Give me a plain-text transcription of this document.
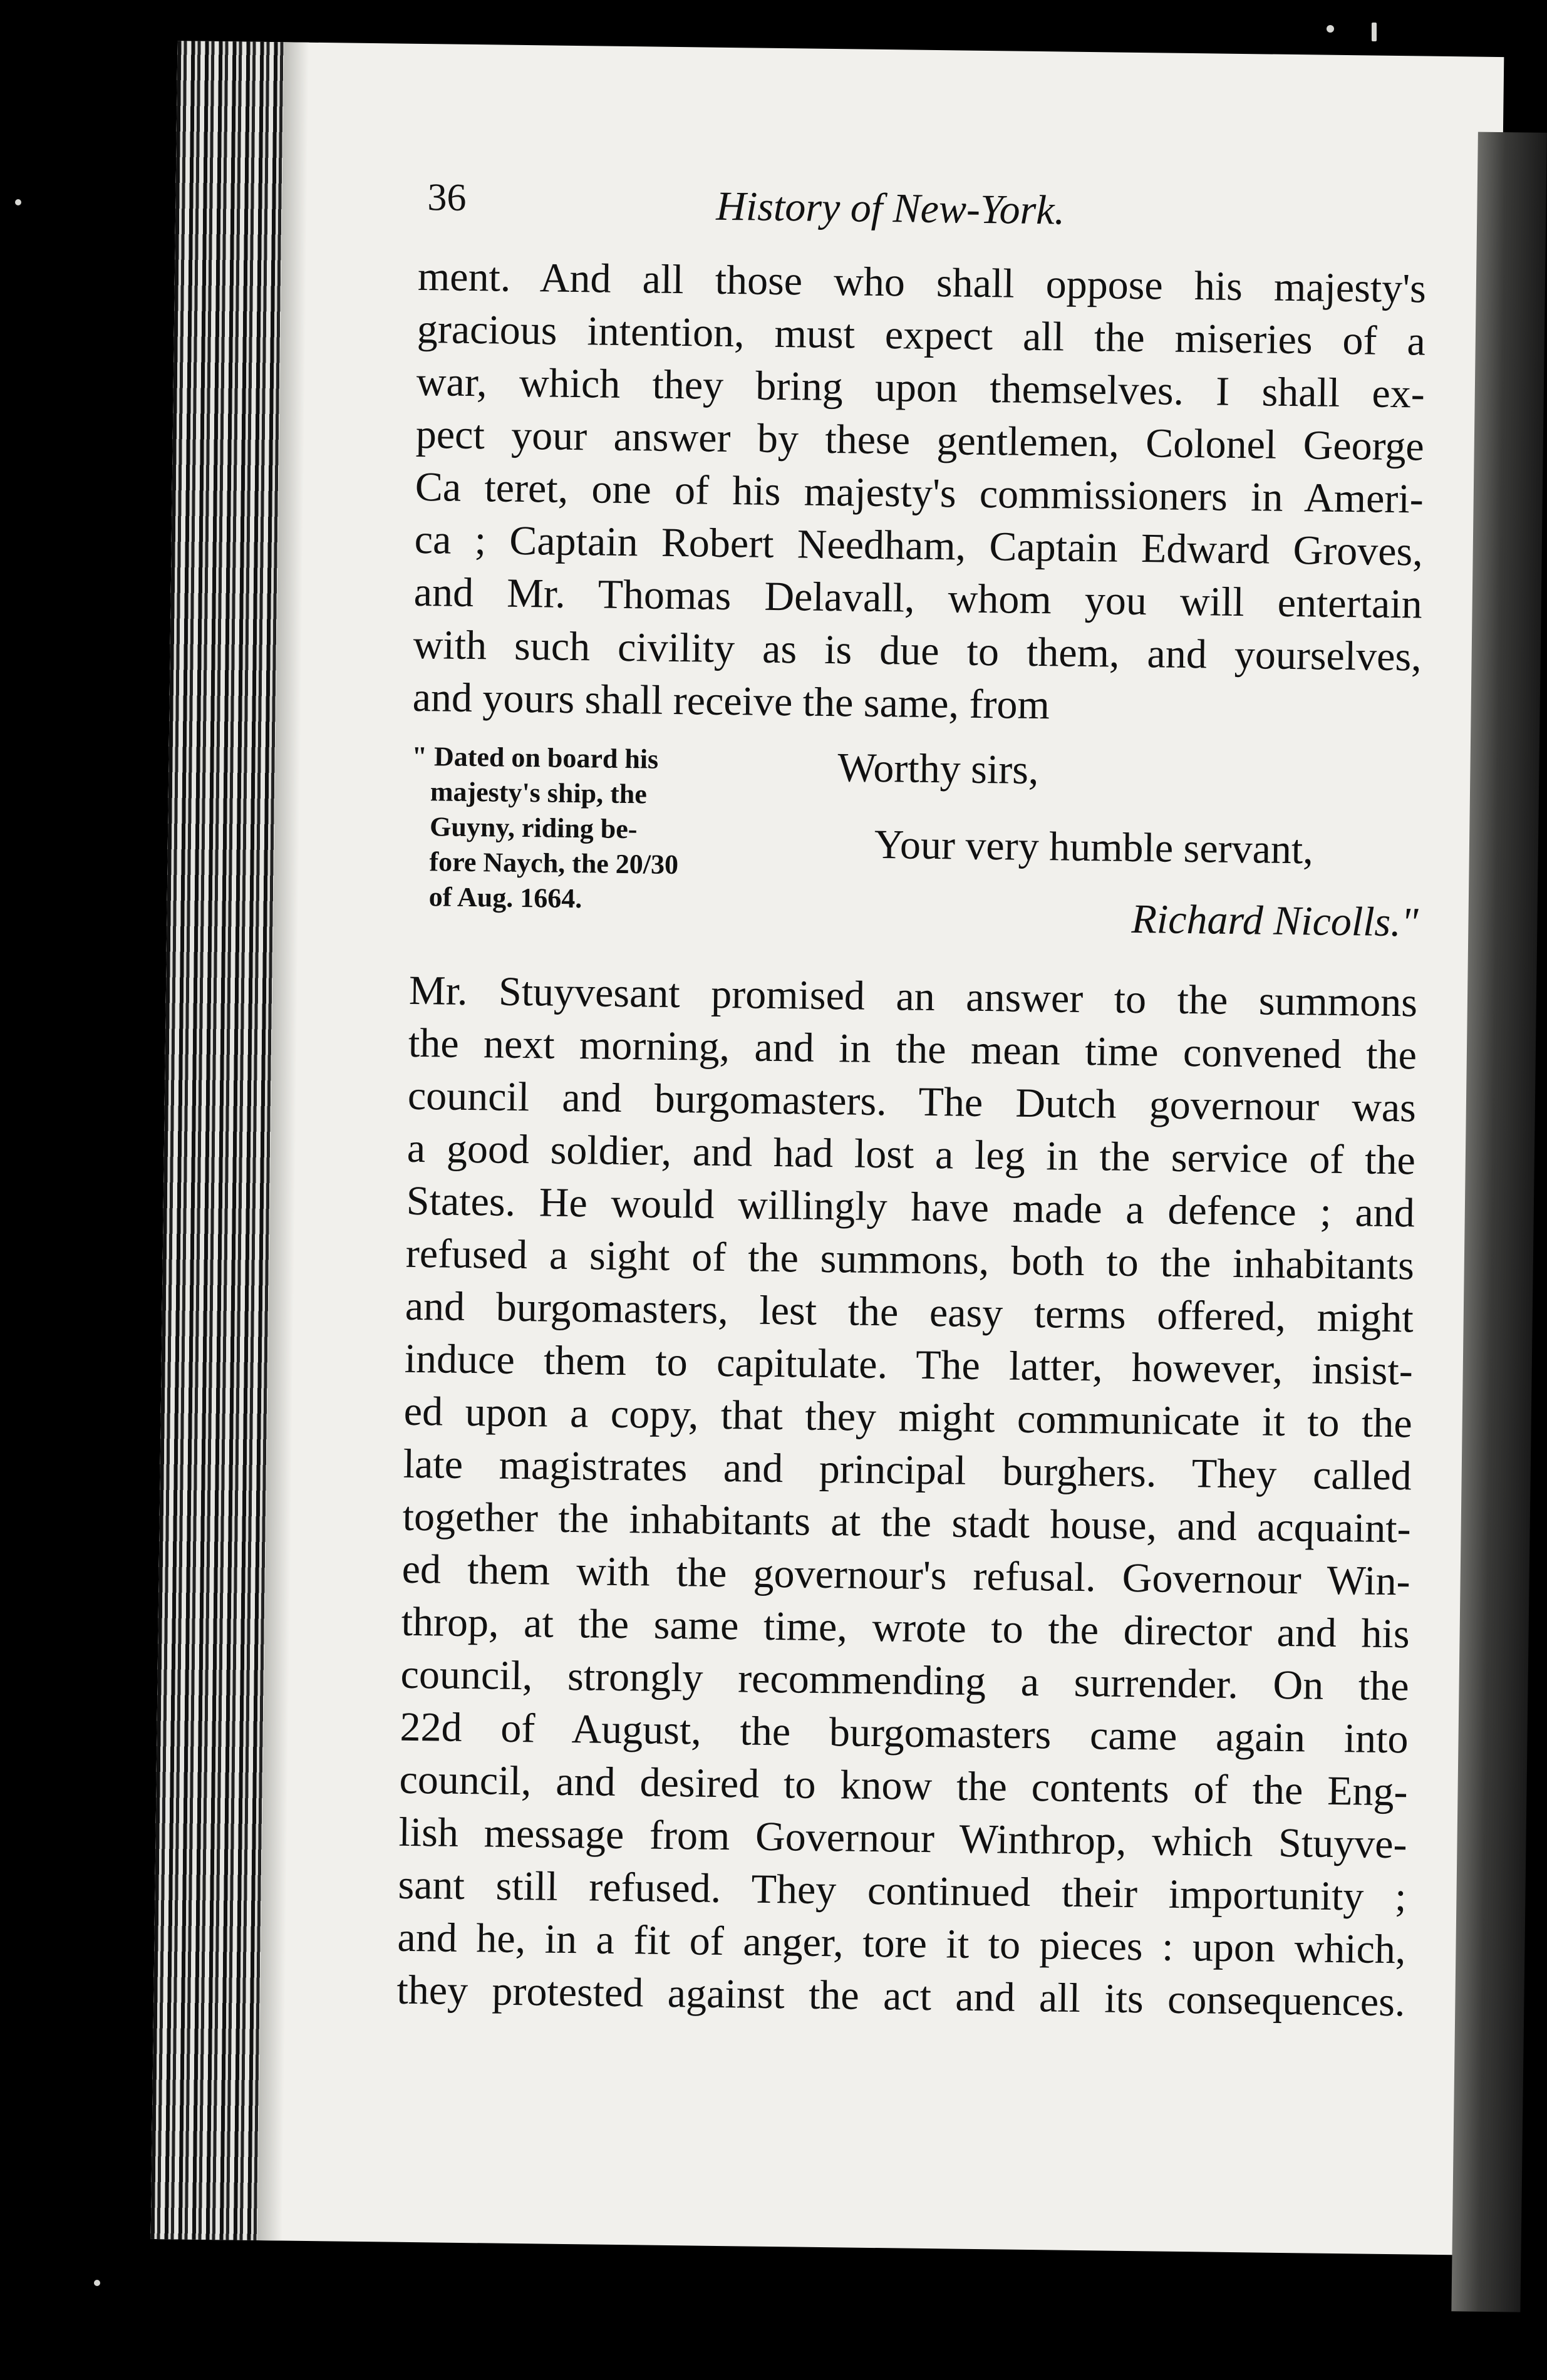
36	History of New-York.
ment. And all those who shall oppose his majesty's
gracious intention, must expect all the miseries of a
war, which they bring upon themselves. I shall ex-
pect your answer by these gentlemen, Colonel George
Ca teret, one of his majesty's commissioners in Ameri-
ca ; Captain Robert Needham, Captain Edward Groves,
and Mr. Thomas Delavall, whom you will entertain
with such civility as is due to them, and yourselves,
and yours shall receive the same, from
" Dated on board his
majesty's ship, the
Guyny, riding be-
fore Naych, the 20/30
of Aug. 1664.
Worthy sirs,
Your very humble servant,
Richard Nicolls."
Mr. Stuyvesant promised an answer to the summons
the next morning, and in the mean time convened the
council and burgomasters. The Dutch governour was
a good soldier, and had lost a leg in the service of the
States. He would willingly have made a defence ; and
refused a sight of the summons, both to the inhabitants
and burgomasters, lest the easy terms offered, might
induce them to capitulate. The latter, however, insist-
ed upon a copy, that they might communicate it to the
late magistrates and principal burghers. They called
together the inhabitants at the stadt house, and acquaint-
ed them with the governour's refusal. Governour Win-
throp, at the same time, wrote to the director and his
council, strongly recommending a surrender. On the
22d of August, the burgomasters came again into
council, and desired to know the contents of the Eng-
lish message from Governour Winthrop, which Stuyve-
sant still refused. They continued their importunity ;
and he, in a fit of anger, tore it to pieces : upon which,
they protested against the act and all its consequences.
